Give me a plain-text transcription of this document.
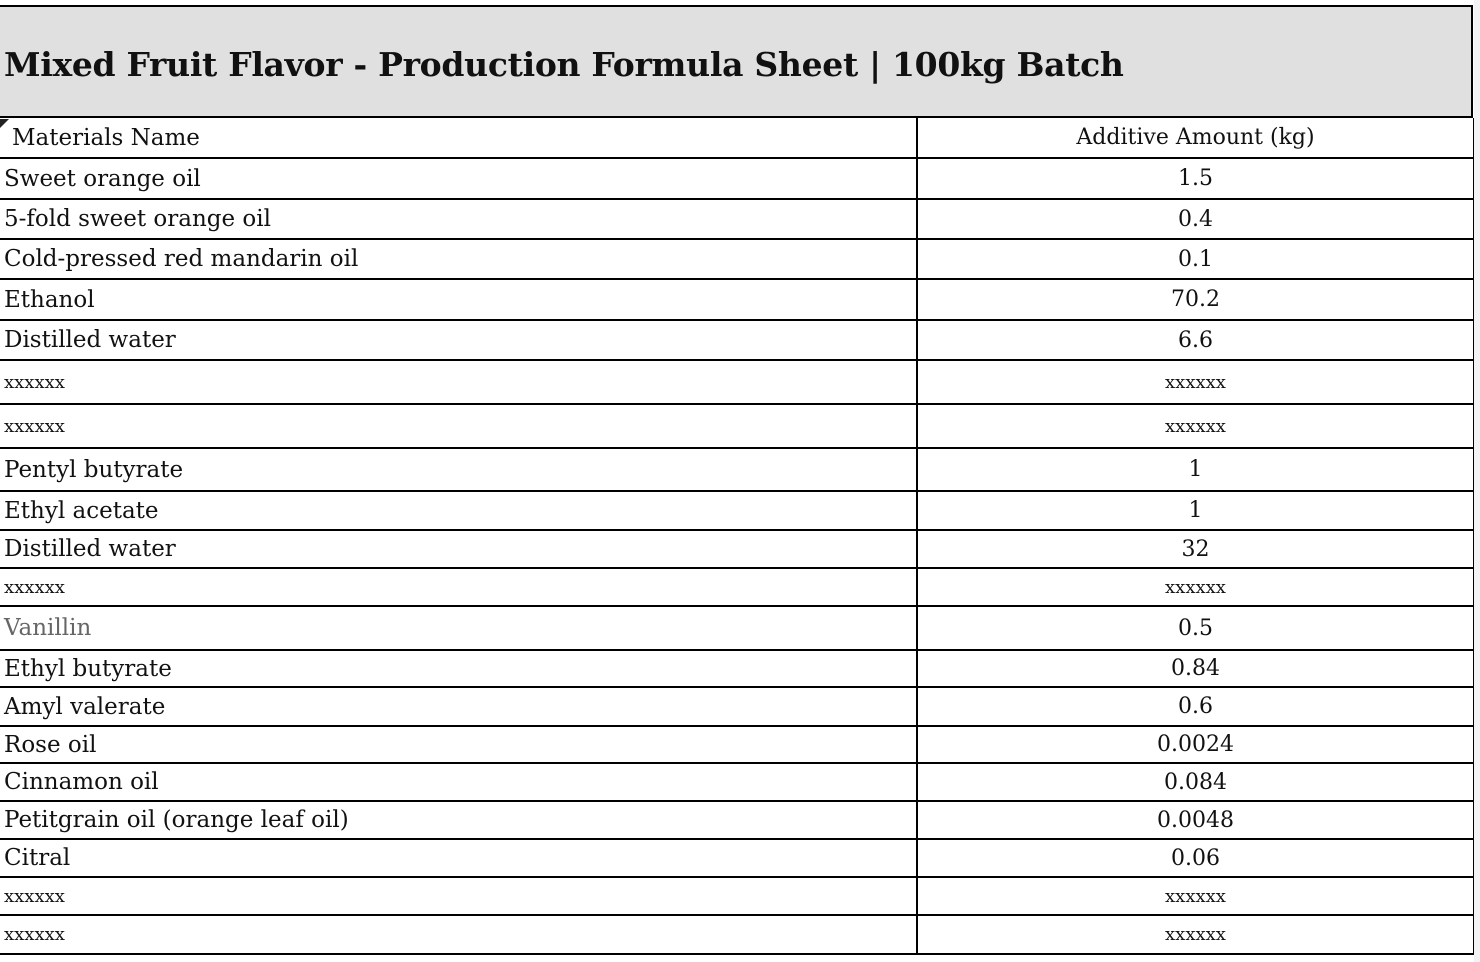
Mixed Fruit Flavor - Production Formula Sheet | 100kg Batch
Materials Name	Additive Amount (kg)
Sweet orange oil	1.5
5-fold sweet orange oil	0.4
Cold-pressed red mandarin oil	0.1
Ethanol	70.2
Distilled water	6.6
xxxxxx	xxxxxx
xxxxxx	xxxxxx
Pentyl butyrate	1
Ethyl acetate	1
Distilled water	32
xxxxxx	xxxxxx
Vanillin	0.5
Ethyl butyrate	0.84
Amyl valerate	0.6
Rose oil	0.0024
Cinnamon oil	0.084
Petitgrain oil (orange leaf oil)	0.0048
Citral	0.06
xxxxxx	xxxxxx
xxxxxx	xxxxxx
